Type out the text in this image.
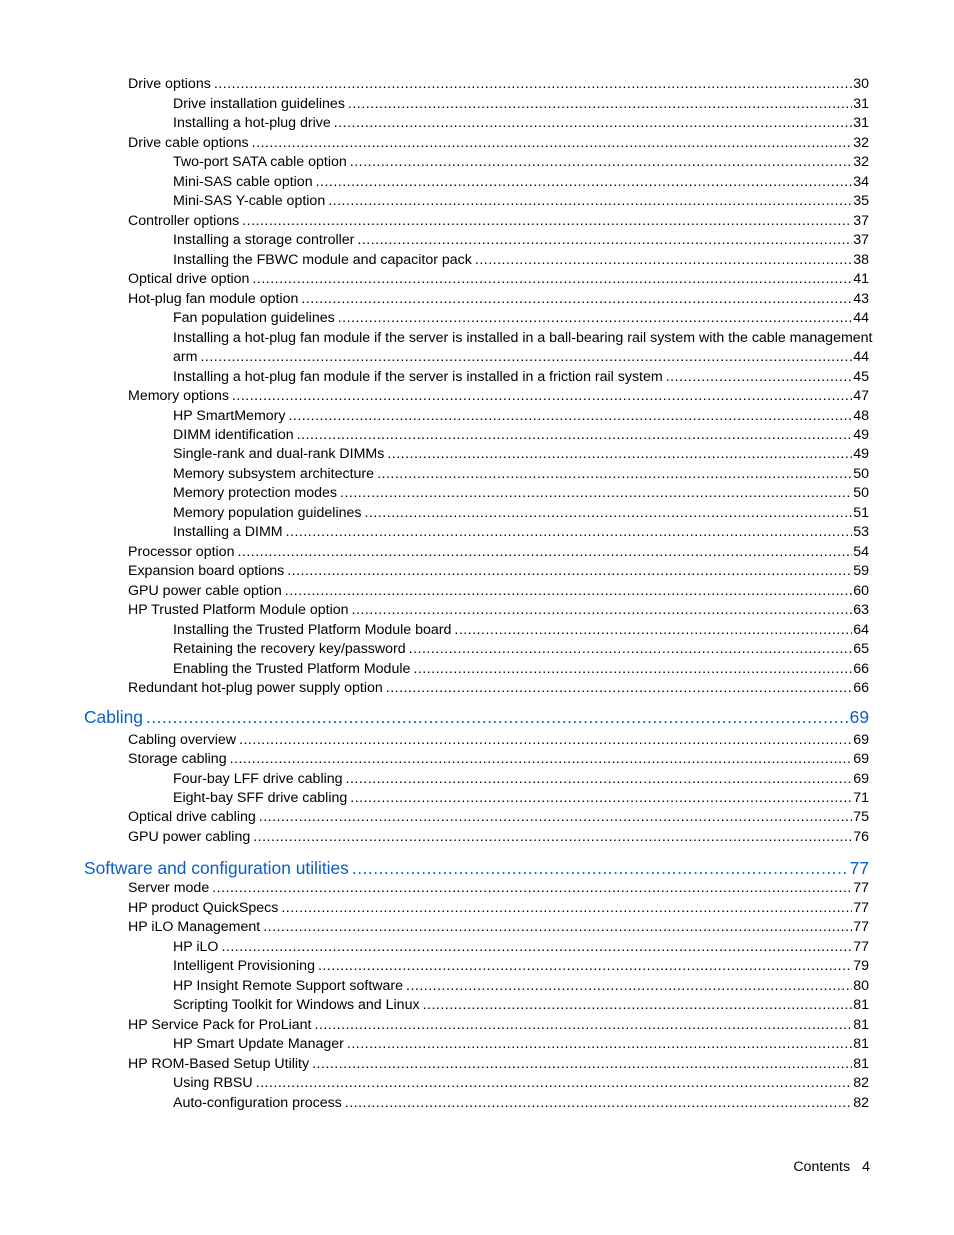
Drive options .....	30
Drive installation guidelines .....	31
Installing a hot-plug drive .....	31
Drive cable options .....	32
Two-port SATA cable option .....	32
Mini-SAS cable option .....	34
Mini-SAS Y-cable option .....	35
Controller options .....	37
Installing a storage controller .....	37
Installing the FBWC module and capacitor pack .....	38
Optical drive option .....	41
Hot-plug fan module option .....	43
Fan population guidelines .....	44
Installing a hot-plug fan module if the server is installed in a ball-bearing rail system with the cable management
arm .....	44
Installing a hot-plug fan module if the server is installed in a friction rail system .....	45
Memory options .....	47
HP SmartMemory .....	48
DIMM identification .....	49
Single-rank and dual-rank DIMMs .....	49
Memory subsystem architecture .....	50
Memory protection modes .....	50
Memory population guidelines .....	51
Installing a DIMM .....	53
Processor option .....	54
Expansion board options .....	59
GPU power cable option .....	60
HP Trusted Platform Module option .....	63
Installing the Trusted Platform Module board .....	64
Retaining the recovery key/password .....	65
Enabling the Trusted Platform Module .....	66
Redundant hot-plug power supply option .....	66
Cabling .....	69
Cabling overview .....	69
Storage cabling .....	69
Four-bay LFF drive cabling .....	69
Eight-bay SFF drive cabling .....	71
Optical drive cabling .....	75
GPU power cabling .....	76
Software and configuration utilities .....	77
Server mode .....	77
HP product QuickSpecs .....	77
HP iLO Management .....	77
HP iLO .....	77
Intelligent Provisioning .....	79
HP Insight Remote Support software .....	80
Scripting Toolkit for Windows and Linux .....	81
HP Service Pack for ProLiant .....	81
HP Smart Update Manager .....	81
HP ROM-Based Setup Utility .....	81
Using RBSU .....	82
Auto-configuration process .....	82
Contents 4
